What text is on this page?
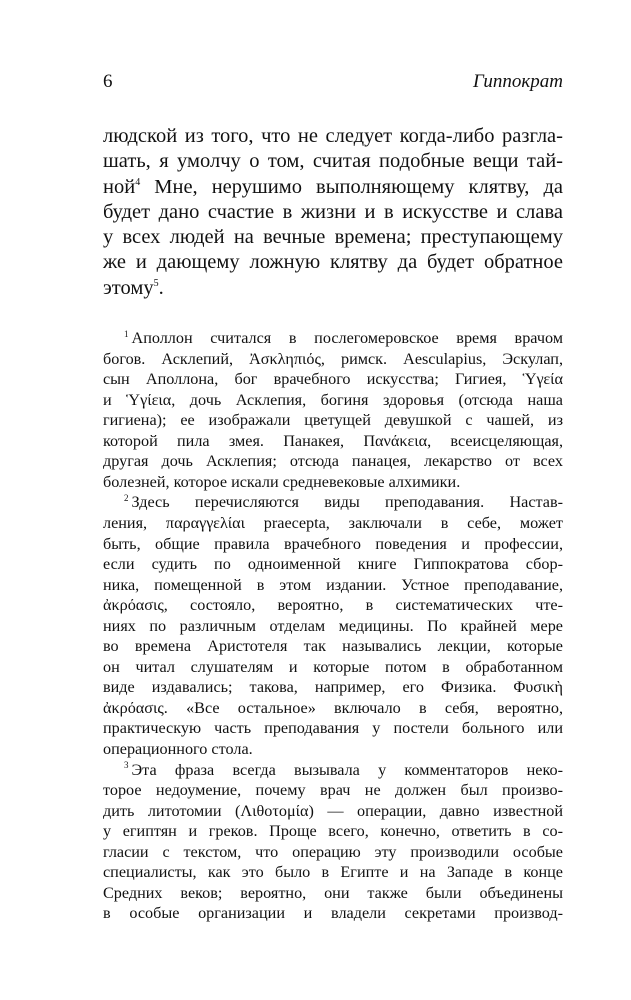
6	Гиппократ
людской из того, что не следует когда-либо разгла-
шать, я умолчу о том, считая подобные вещи тай-
ной$^4$ Мне, нерушимо выполняющему клятву, да
будет дано счастие в жизни и в искусстве и слава
у всех людей на вечные времена; преступающему
же и дающему ложную клятву да будет обратное
этому$^5$.
$^1$ Аполлон считался в послегомеровское время врачом
богов. Асклепий, Ἀσκληπιός, римск. Aesculapius, Эскулап,
сын Аполлона, бог врачебного искусства; Гигиея, Ὑγεία
и Ὑγίεια, дочь Асклепия, богиня здоровья (отсюда наша
гигиена); ее изображали цветущей девушкой с чашей, из
которой пила змея. Панакея, Πανάκεια, всеисцеляющая,
другая дочь Асклепия; отсюда панацея, лекарство от всех
болезней, которое искали средневековые алхимики.
$^2$ Здесь перечисляются виды преподавания. Настав-
ления, παραγγελίαι praecepta, заключали в себе, может
быть, общие правила врачебного поведения и профессии,
если судить по одноименной книге Гиппократова сбор-
ника, помещенной в этом издании. Устное преподавание,
ἀκρόασις, состояло, вероятно, в систематических чте-
ниях по различным отделам медицины. По крайней мере
во времена Аристотеля так назывались лекции, которые
он читал слушателям и которые потом в обработанном
виде издавались; такова, например, его Физика. Φυσικὴ
ἀκρόασις. «Все остальное» включало в себя, вероятно,
практическую часть преподавания у постели больного или
операционного стола.
$^3$ Эта фраза всегда вызывала у комментаторов неко-
торое недоумение, почему врач не должен был произво-
дить литотомии (Λιθοτομία) — операции, давно известной
у египтян и греков. Проще всего, конечно, ответить в со-
гласии с текстом, что операцию эту производили особые
специалисты, как это было в Египте и на Западе в конце
Средних веков; вероятно, они также были объединены
в особые организации и владели секретами производ-
